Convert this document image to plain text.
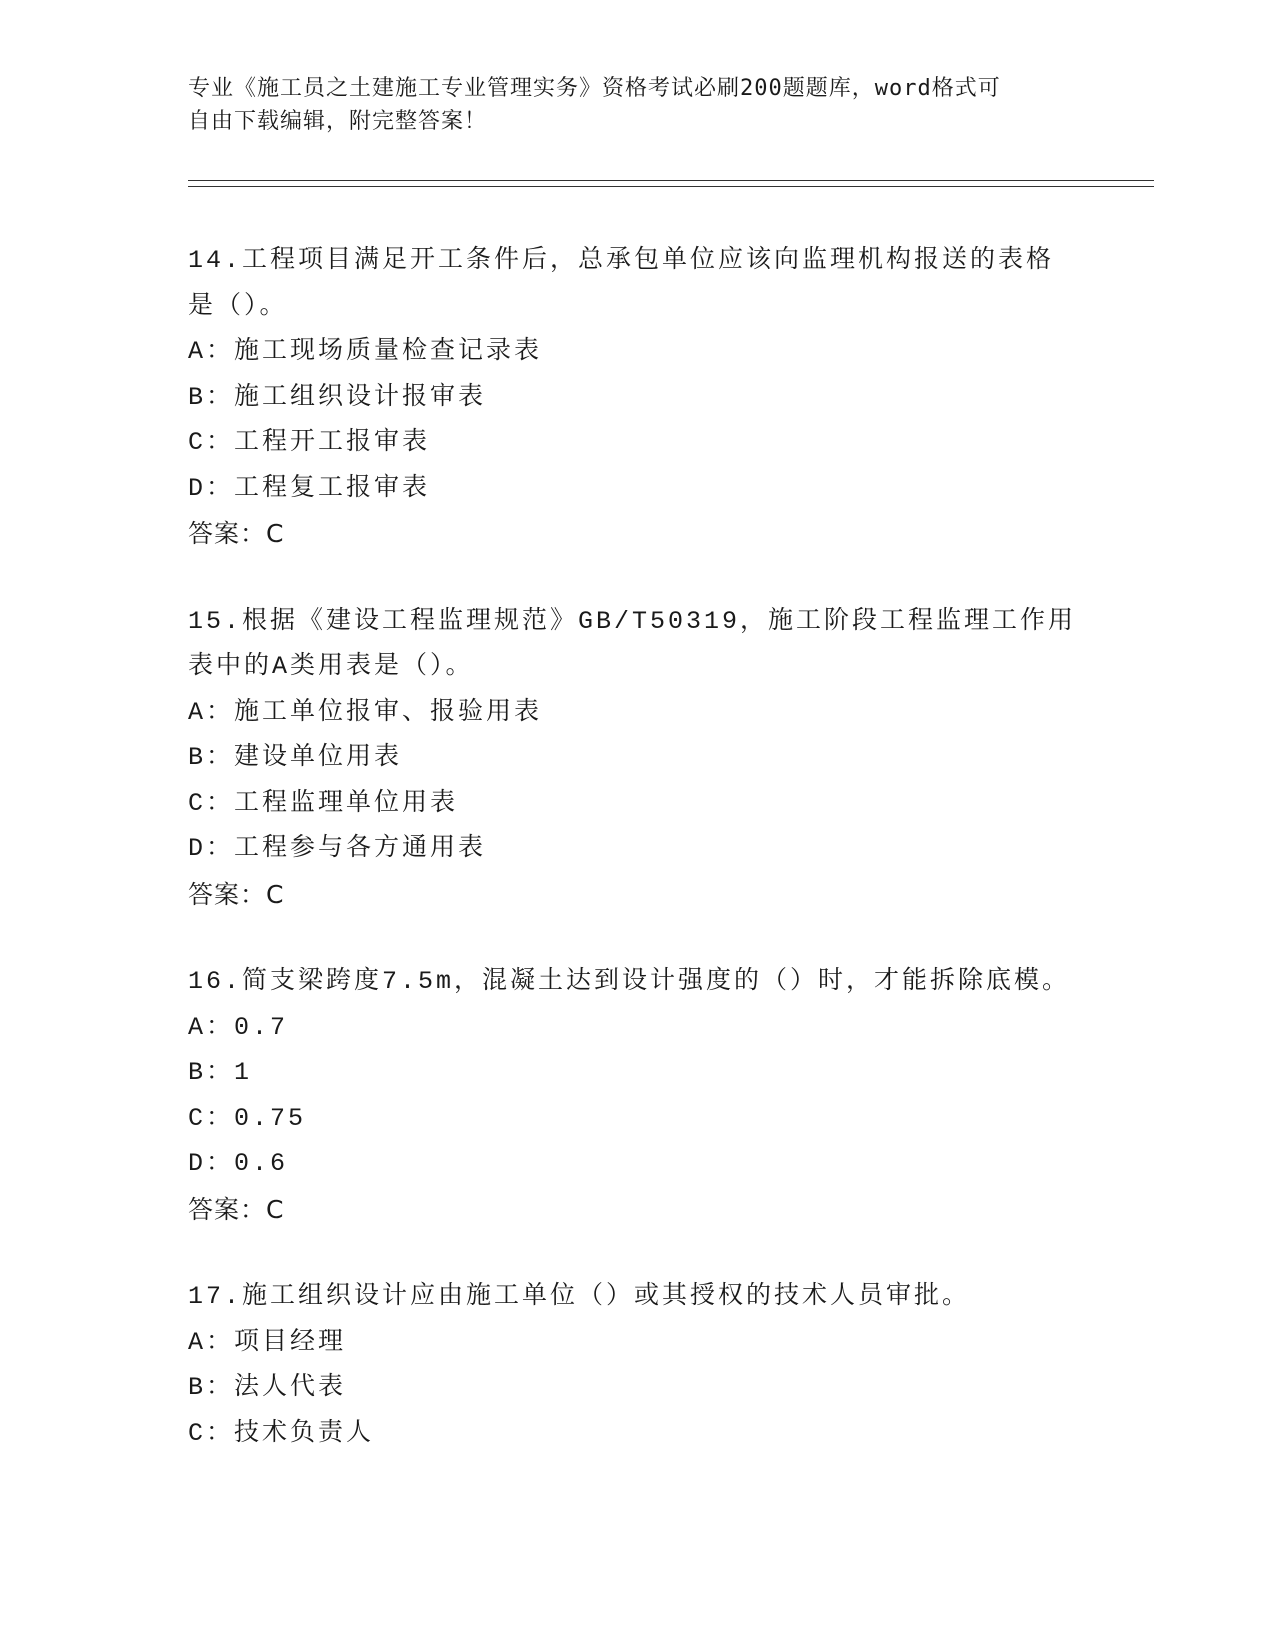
专业《施工员之土建施工专业管理实务》资格考试必刷200题题库，word格式可
自由下载编辑，附完整答案！
14.工程项目满足开工条件后，总承包单位应该向监理机构报送的表格
是（）。
A：施工现场质量检查记录表
B：施工组织设计报审表
C：工程开工报审表
D：工程复工报审表
答案：C
15.根据《建设工程监理规范》GB/T50319，施工阶段工程监理工作用
表中的A类用表是（）。
A：施工单位报审、报验用表
B：建设单位用表
C：工程监理单位用表
D：工程参与各方通用表
答案：C
16.简支梁跨度7.5m，混凝土达到设计强度的（）时，才能拆除底模。
A：0.7
B：1
C：0.75
D：0.6
答案：C
17.施工组织设计应由施工单位（）或其授权的技术人员审批。
A：项目经理
B：法人代表
C：技术负责人
